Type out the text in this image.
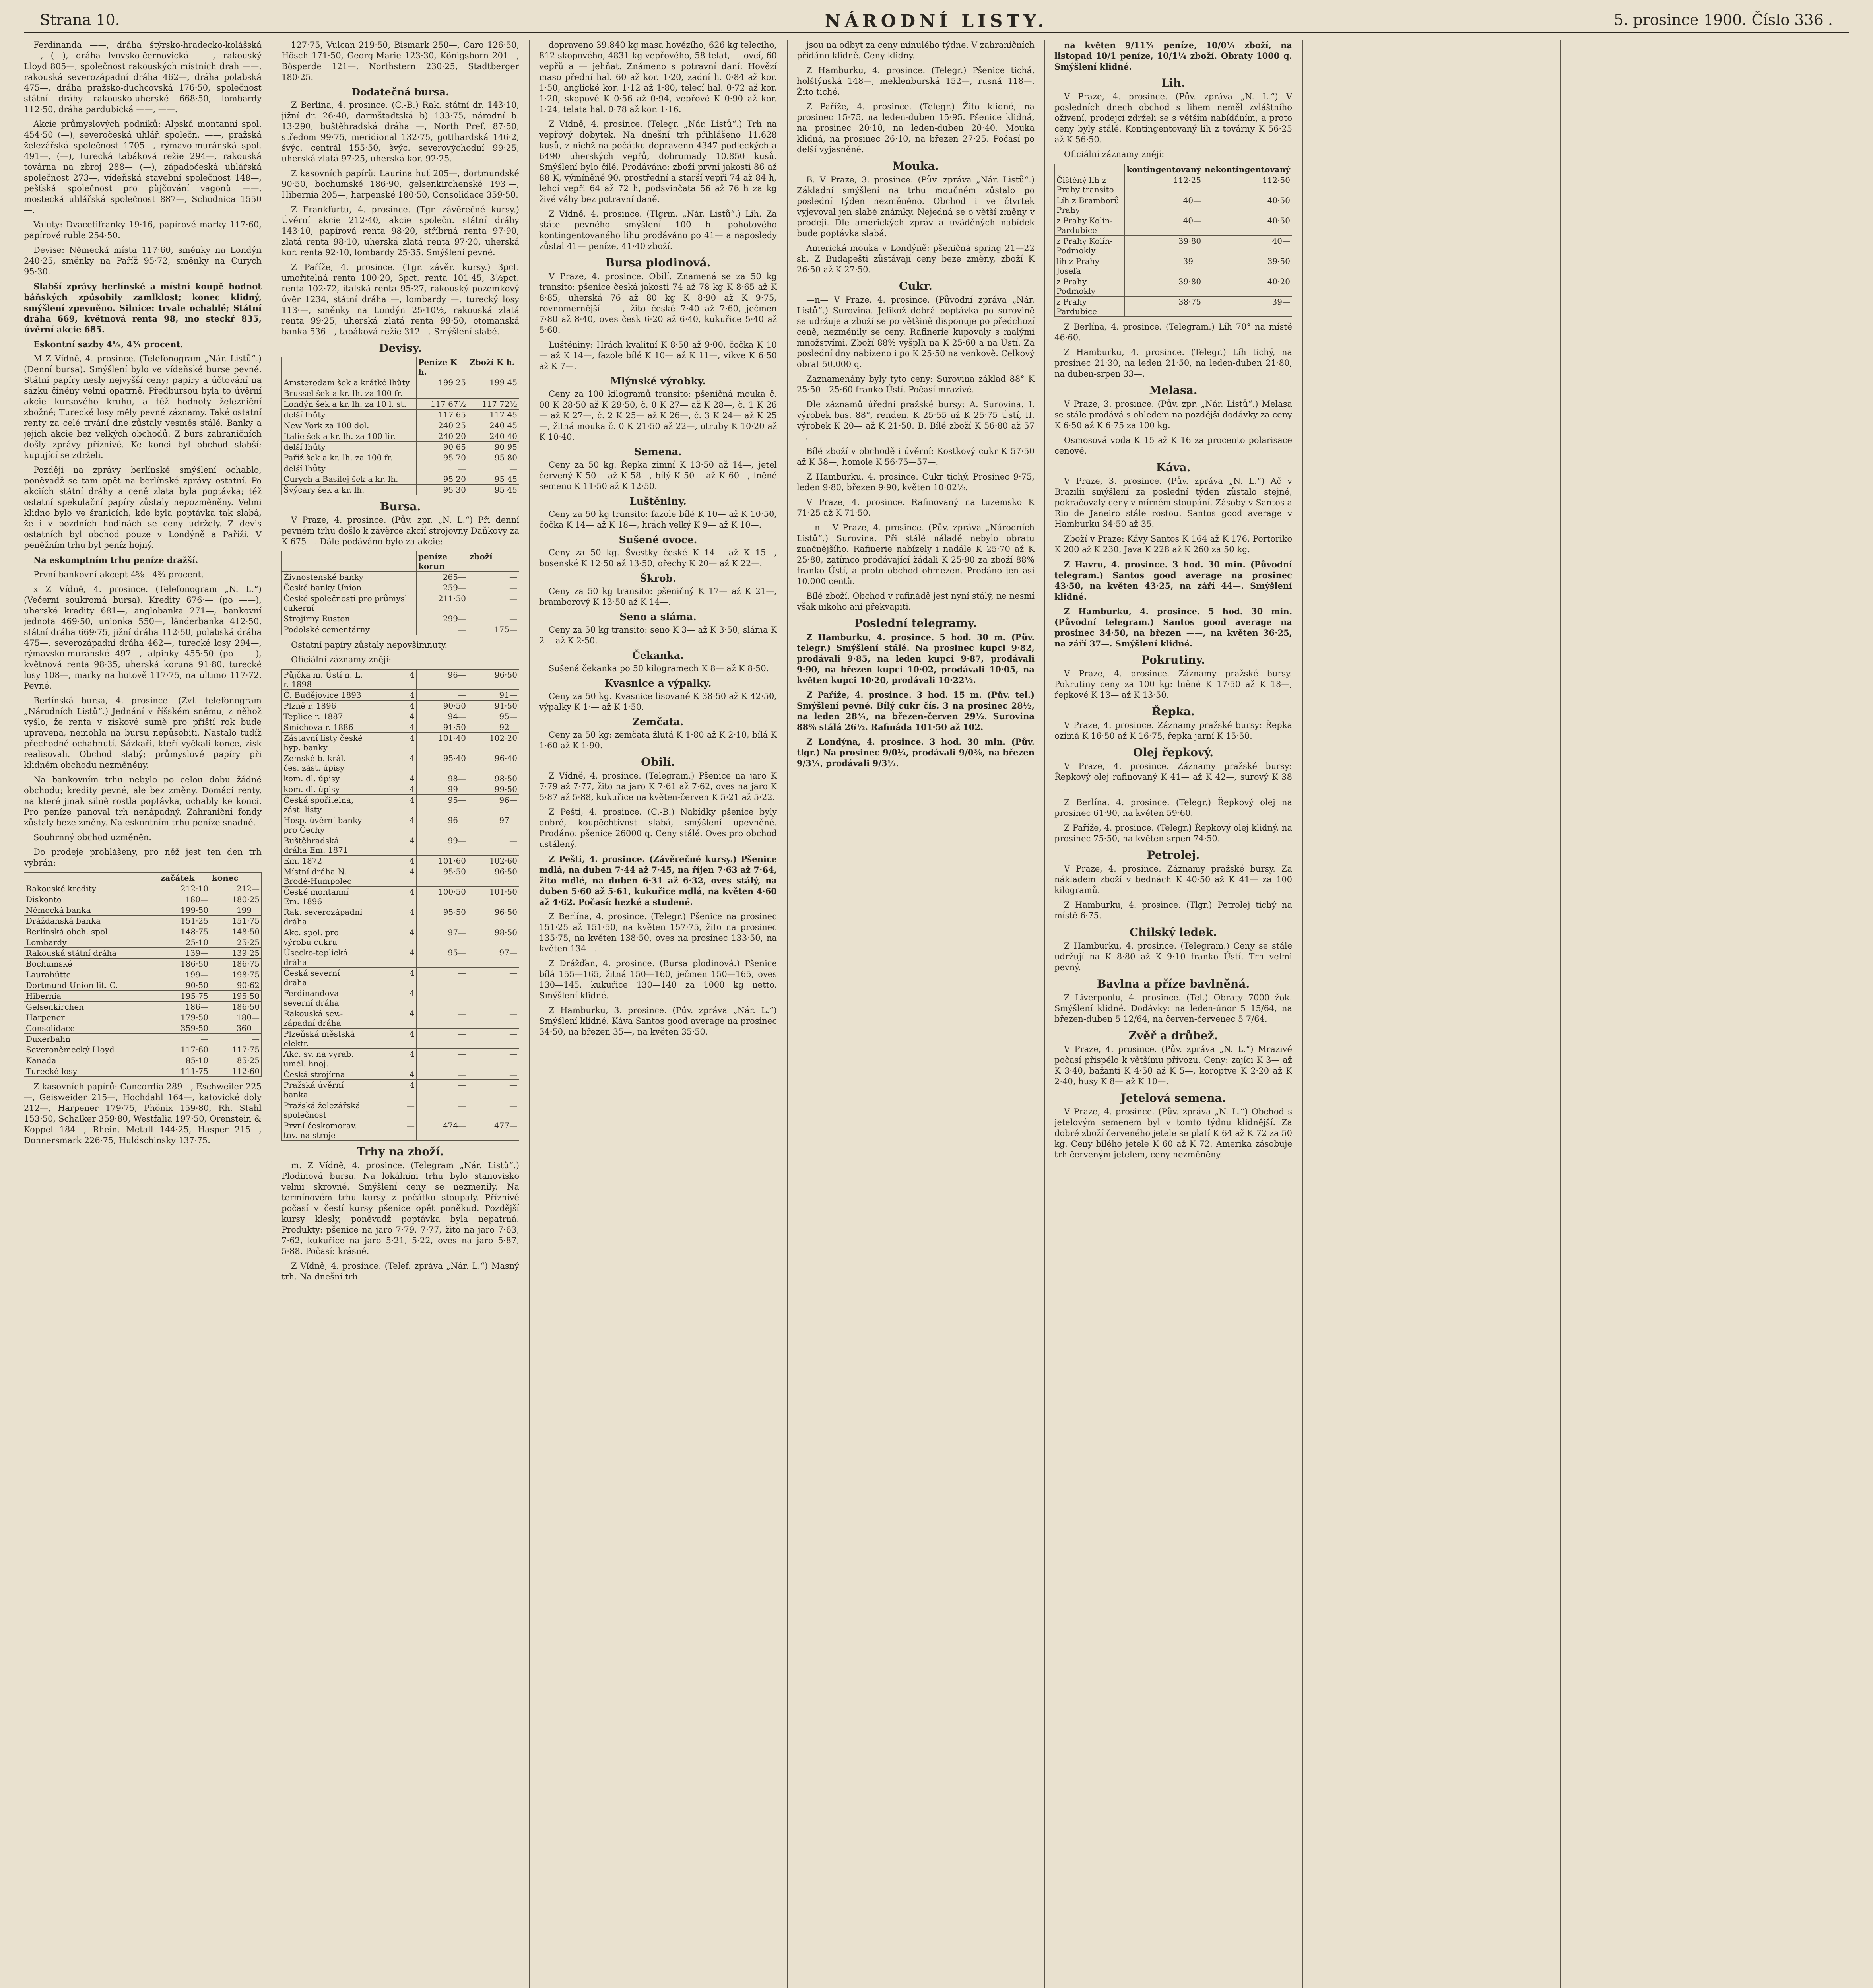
Strana 10.	NÁRODNÍ LISTY.	5. prosince 1900. Číslo 336 .

Ferdinanda ——, dráha štýrsko-hradecko-kolášská ——, (—), dráha lvovsko-černovická ——, rakouský Lloyd 805—, společnost rakouských místních drah ——, rakouská severozápadní dráha 462—, dráha polabská 475—, dráha pražsko-duchcovská 176·50, společnost státní dráhy rakousko-uherské 668·50, lombardy 112·50, dráha pardubická ——, ——.

Akcie průmyslových podniků: Alpská montanní spol. 454·50 (—), severočeská uhlář. společn. ——, pražská železářská společnost 1705—, rýmavo-muránská spol. 491—, (—), turecká tabáková režie 294—, rakouská továrna na zbroj 288— (—), západočeská uhlářská společnost 273—, vídeňská stavební společnost 148—, pešťská společnost pro půjčování vagonů ——, mostecká uhlářská společnost 887—, Schodnica 1550—.

Valuty: Dvacetifranky 19·16, papírové marky 117·60, papírové ruble 254·50.

Devise: Německá místa 117·60, směnky na Londýn 240·25, směnky na Paříž 95·72, směnky na Curych 95·30.

Slabší zprávy berlínské a místní koupě hodnot báňských způsobily zamlklost; konec klidný, smýšlení zpevněno. Silnice: trvale ochablé; Státní dráha 669, květnová renta 98, mo steckŕ 835, úvěrní akcie 685.

Eskontní sazby 4⅛, 4¾ procent.

M Z Vídně, 4. prosince. (Telefonogram „Nár. Listů“.) (Denní bursa). Smýšlení bylo ve vídeňské burse pevné. Státní papíry nesly nejvyšší ceny; papíry a účtování na sázku činěny velmi opatrně. Předbursou byla to úvěrní akcie kursového kruhu, a též hodnoty železniční zbožné; Turecké losy měly pevné záznamy. Také ostatní renty za celé trvání dne zůstaly vesměs stálé. Banky a jejich akcie bez velkých obchodů. Z burs zahraničních došly zprávy příznivé. Ke konci byl obchod slabší; kupující se zdrželi.

Později na zprávy berlínské smýšlení ochablo, poněvadž se tam opět na berlínské zprávy ostatní. Po akciích státní dráhy a ceně zlata byla poptávka; též ostatní spekulační papíry zůstaly nepozměněny. Velmi klidno bylo ve šranicích, kde byla poptávka tak slabá, že i v pozdních hodinách se ceny udržely. Z devis ostatních byl obchod pouze v Londýně a Paříži. V peněžním trhu byl peníz hojný.

Na eskomptním trhu peníze dražší.

První bankovní akcept 4⅝—4¾ procent.

x Z Vídně, 4. prosince. (Telefonogram „N. L.“) (Večerní soukromá bursa). Kredity 676·— (po ——), uherské kredity 681—, anglobanka 271—, bankovní jednota 469·50, unionka 550—, länderbanka 412·50, státní dráha 669·75, jižní dráha 112·50, polabská dráha 475—, severozápadní dráha 462—, turecké losy 294—, rýmavsko-muránské 497—, alpinky 455·50 (po ——), květnová renta 98·35, uherská koruna 91·80, turecké losy 108—, marky na hotově 117·75, na ultimo 117·72. Pevné.

Berlínská bursa, 4. prosince. (Zvl. telefonogram „Národních Listů“.) Jednání v říšském sněmu, z něhož vyšlo, že renta v ziskové sumě pro příští rok bude upravena, nemohla na bursu nepůsobiti. Nastalo tudíž přechodné ochabnutí. Sázkaři, kteří vyčkali konce, zisk realisovali. Obchod slabý; průmyslové papíry při klidném obchodu nezměněny.

Na bankovním trhu nebylo po celou dobu žádné obchodu; kredity pevné, ale bez změny. Domácí renty, na které jinak silně rostla poptávka, ochably ke konci. Pro peníze panoval trh nenápadný. Zahraniční fondy zůstaly beze změny. Na eskontním trhu peníze snadné.

Souhrnný obchod uzměněn.

Do prodeje prohlášeny, pro něž jest ten den trh vybrán:

	začátek	konec
Rakouské kredity	212·10	212—
Diskonto	180—	180·25
Německá banka	199·50	199—
Drážďanská banka	151·25	151·75
Berlínská obch. spol.	148·75	148·50
Lombardy	25·10	25·25
Rakouská státní dráha	139—	139·25
Bochumské	186·50	186·75
Laurahütte	199—	198·75
Dortmund Union lit. C.	90·50	90·62
Hibernia	195·75	195·50
Gelsenkirchen	186—	186·50
Harpener	179·50	180—
Consolidace	359·50	360—
Duxerbahn	—	—
Severoněmecký Lloyd	117·60	117·75
Kanada	85·10	85·25
Turecké losy	111·75	112·60

Z kasovních papírů: Concordia 289—, Eschweiler 225—, Geisweider 215—, Hochdahl 164—, katovické doly 212—, Harpener 179·75, Phönix 159·80, Rh. Stahl 153·50, Schalker 359·80, Westfalia 197·50, Orenstein & Koppel 184—, Rhein. Metall 144·25, Hasper 215—, Donnersmark 226·75, Huldschinsky 137·75.

127·75, Vulcan 219·50, Bismark 250—, Caro 126·50, Hösch 171·50, Georg-Marie 123·30, Königsborn 201—, Bösperde 121—, Northstern 230·25, Stadtberger 180·25.

Dodatečná bursa.

Z Berlína, 4. prosince. (C.-B.) Rak. státní dr. 143·10, jižní dr. 26·40, darmštadtská b) 133·75, národní b. 13·290, buštěhradská dráha —, North Pref. 87·50, středom 99·75, meridional 132·75, gotthardská 146·2, švýc. centrál 155·50, švýc. severovýchodní 99·25, uherská zlatá 97·25, uherská kor. 92·25.

Z kasovních papírů: Laurina huť 205—, dortmundské 90·50, bochumské 186·90, gelsenkirchenské 193·—, Hibernia 205—, harpenské 180·50, Consolidace 359·50.

Z Frankfurtu, 4. prosince. (Tgr. závěrečné kursy.) Úvěrní akcie 212·40, akcie společn. státní dráhy 143·10, papírová renta 98·20, stříbrná renta 97·90, zlatá renta 98·10, uherská zlatá renta 97·20, uherská kor. renta 92·10, lombardy 25·35. Smýšlení pevné.

Z Paříže, 4. prosince. (Tgr. závěr. kursy.) 3pct. umořitelná renta 100·20, 3pct. renta 101·45, 3½pct. renta 102·72, italská renta 95·27, rakouský pozemkový úvěr 1234, státní dráha —, lombardy —, turecký losy 113·—, směnky na Londýn 25·10½, rakouská zlatá renta 99·25, uherská zlatá renta 99·50, otomanská banka 536—, tabáková režie 312—. Smýšlení slabé.

Devisy.
	Peníze K h.	Zboží K h.
Amsterodam šek a krátké lhůty	199 25	199 45
Brussel šek a kr. lh. za 100 fr.	—	—
Londýn šek a kr. lh. za 10 l. st.	117 67½	117 72½
delší lhůty	117 65	117 45
New York za 100 dol.	240 25	240 45
Italie šek a kr. lh. za 100 lir.	240 20	240 40
delší lhůty	90 65	90 95
Paříž šek a kr. lh. za 100 fr.	95 70	95 80
delší lhůty	—	—
Curych a Basilej šek a kr. lh.	95 20	95 45
Švýcary šek a kr. lh.	95 30	95 45
Bursa.

V Praze, 4. prosince. (Pův. zpr. „N. L.“) Při denní pevném trhu došlo k závěrce akcií strojovny Daňkovy za K 675—. Dále podáváno bylo za akcie:

	peníze korun	zboží
Živnostenské banky	265—	—
České banky Union	259—	—
České společnosti pro průmysl cukerní	211·50	—
Strojírny Ruston	299—	—
Podolské cementárny	—	175—

Ostatní papíry zůstaly nepovšimnuty.

Oficiální záznamy znějí:

Půjčka m. Ústí n. L. r. 1898	4	96—	96·50
Č. Budějovice 1893	4	—	91—
Plzně r. 1896	4	90·50	91·50
Teplice r. 1887	4	94—	95—
Smíchova r. 1886	4	91·50	92—
Zástavní listy české hyp. banky	4	101·40	102·20
Zemské b. král. čes. zást. úpisy	4	95·40	96·40
kom. dl. úpisy	4	98—	98·50
kom. dl. úpisy	4	99—	99·50
Česká spořitelna, zást. listy	4	95—	96—
Hosp. úvěrní banky pro Čechy	4	96—	97—
Buštěhradská dráha Em. 1871	4	99—	—
Em. 1872	4	101·60	102·60
Místní dráha N. Brodě-Humpolec	4	95·50	96·50
České montanní Em. 1896	4	100·50	101·50
Rak. severozápadní dráha	4	95·50	96·50
Akc. spol. pro výrobu cukru	4	97—	98·50
Úsecko-teplická dráha	4	95—	97—
Česká severní dráha	4	—	—
Ferdinandova severní dráha	4	—	—
Rakouská sev.-západní dráha	4	—	—
Plzeňská městská elektr.	4	—	—
Akc. sv. na vyrab. umél. hnoj.	4	—	—
Česká strojírna	4	—	—
Pražská úvěrní banka	4	—	—
Pražská železářská společnost	—	—	—
První českomorav. tov. na stroje	—	474—	477—
Trhy na zboží.

m. Z Vídně, 4. prosince. (Telegram „Nár. Listů“.) Plodinová bursa. Na lokálním trhu bylo stanovisko velmi skrovné. Smýšlení ceny se nezmenily. Na termínovém trhu kursy z počátku stoupaly. Příznivé počasí v čestí kursy pšenice opět poněkud. Pozdější kursy klesly, poněvadž poptávka byla nepatrná. Produkty: pšenice na jaro 7·79, 7·77, žito na jaro 7·63, 7·62, kukuřice na jaro 5·21, 5·22, oves na jaro 5·87, 5·88. Počasí: krásné.

Z Vídně, 4. prosince. (Telef. zpráva „Nár. L.“) Masný trh. Na dnešní trh

dopraveno 39.840 kg masa hovězího, 626 kg telecího, 812 skopového, 4831 kg vepřového, 58 telat, — ovcí, 60 vepřů a — jehňat. Známeno s potravní daní: Hovězí maso přední hal. 60 až kor. 1·20, zadní h. 0·84 až kor. 1·50, anglické kor. 1·12 až 1·80, telecí hal. 0·72 až kor. 1·20, skopové K 0·56 až 0·94, vepřové K 0·90 až kor. 1·24, telata hal. 0·78 až kor. 1·16.

Z Vídně, 4. prosince. (Telegr. „Nár. Listů“.) Trh na vepřový dobytek. Na dnešní trh přihlášeno 11,628 kusů, z nichž na počátku dopraveno 4347 podleckých a 6490 uherských vepřů, dohromady 10.850 kusů. Smýšlení bylo čilé. Prodáváno: zboží první jakosti 86 až 88 K, výmíněné 90, prostřední a starší vepři 74 až 84 h, lehcí vepři 64 až 72 h, podsvinčata 56 až 76 h za kg živé váhy bez potravní daně.

Z Vídně, 4. prosince. (Tlgrm. „Nár. Listů“.) Lih. Za státe pevného smýšlení 100 h. pohotového kontingentovaného lihu prodáváno po 41— a naposledy zůstal 41— peníze, 41·40 zboží.

Bursa plodinová.

V Praze, 4. prosince. Obilí. Znamená se za 50 kg transito: pšenice česká jakosti 74 až 78 kg K 8·65 až K 8·85, uherská 76 až 80 kg K 8·90 až K 9·75, rovnomernější ——, žito české 7·40 až 7·60, ječmen 7·80 až 8·40, oves česk 6·20 až 6·40, kukuřice 5·40 až 5·60.

Luštěniny: Hrách kvalitní K 8·50 až 9·00, čočka K 10— až K 14—, fazole bílé K 10— až K 11—, vikve K 6·50 až K 7—.

Mlýnské výrobky.

Ceny za 100 kilogramů transito: pšeničná mouka č. 00 K 28·50 až K 29·50, č. 0 K 27— až K 28—, č. 1 K 26— až K 27—, č. 2 K 25— až K 26—, č. 3 K 24— až K 25—, žitná mouka č. 0 K 21·50 až 22—, otruby K 10·20 až K 10·40.

Semena.

Ceny za 50 kg. Řepka zimní K 13·50 až 14—, jetel červený K 50— až K 58—, bílý K 50— až K 60—, lněné semeno K 11·50 až K 12·50.

Luštěniny.

Ceny za 50 kg transito: fazole bílé K 10— až K 10·50, čočka K 14— až K 18—, hrách velký K 9— až K 10—.

Sušené ovoce.

Ceny za 50 kg. Švestky české K 14— až K 15—, bosenské K 12·50 až 13·50, ořechy K 20— až K 22—.

Škrob.

Ceny za 50 kg transito: pšeničný K 17— až K 21—, bramborový K 13·50 až K 14—.

Seno a sláma.

Ceny za 50 kg transito: seno K 3— až K 3·50, sláma K 2— až K 2·50.

Čekanka.

Sušená čekanka po 50 kilogramech K 8— až K 8·50.

Kvasnice a výpalky.

Ceny za 50 kg. Kvasnice lisované K 38·50 až K 42·50, výpalky K 1·— až K 1·50.

Zemčata.

Ceny za 50 kg: zemčata žlutá K 1·80 až K 2·10, bílá K 1·60 až K 1·90.

Obilí.

Z Vídně, 4. prosince. (Telegram.) Pšenice na jaro K 7·79 až 7·77, žito na jaro K 7·61 až 7·62, oves na jaro K 5·87 až 5·88, kukuřice na květen-červen K 5·21 až 5·22.

Z Pešti, 4. prosince. (C.-B.) Nabídky pšenice byly dobré, koupěchtivost slabá, smýšlení upevněné. Prodáno: pšenice 26000 q. Ceny stálé. Oves pro obchod ustálený.

Z Pešti, 4. prosince. (Závěrečné kursy.) Pšenice mdlá, na duben 7·44 až 7·45, na říjen 7·63 až 7·64, žito mdlé, na duben 6·31 až 6·32, oves stálý, na duben 5·60 až 5·61, kukuřice mdlá, na květen 4·60 až 4·62. Počasí: hezké a studené.

Z Berlína, 4. prosince. (Telegr.) Pšenice na prosinec 151·25 až 151·50, na květen 157·75, žito na prosinec 135·75, na květen 138·50, oves na prosinec 133·50, na květen 134—.

Z Drážďan, 4. prosince. (Bursa plodinová.) Pšenice bílá 155—165, žitná 150—160, ječmen 150—165, oves 130—145, kukuřice 130—140 za 1000 kg netto. Smýšlení klidné.

Z Hamburku, 3. prosince. (Pův. zpráva „Nár. L.“) Smýšlení klidné. Káva Santos good average na prosinec 34·50, na březen 35—, na květen 35·50.

jsou na odbyt za ceny minulého týdne. V zahraničních přidáno klidně. Ceny klidny.

Z Hamburku, 4. prosince. (Telegr.) Pšenice tichá, holštýnská 148—, meklenburská 152—, rusná 118—. Žito tiché.

Z Paříže, 4. prosince. (Telegr.) Žito klidné, na prosinec 15·75, na leden-duben 15·95. Pšenice klidná, na prosinec 20·10, na leden-duben 20·40. Mouka klidná, na prosinec 26·10, na březen 27·25. Počasí po delší vyjasněné.

Mouka.

B. V Praze, 3. prosince. (Pův. zpráva „Nár. Listů“.) Základní smýšlení na trhu moučném zůstalo po poslední týden nezměněno. Obchod i ve čtvrtek vyjevoval jen slabé známky. Nejedná se o větší změny v prodeji. Dle amerických zpráv a uváděných nabídek bude poptávka slabá.

Americká mouka v Londýně: pšeničná spring 21—22 sh. Z Budapešti zůstávají ceny beze změny, zboží K 26·50 až K 27·50.

Cukr.

—n— V Praze, 4. prosince. (Původní zpráva „Nár. Listů“.) Surovina. Jelikož dobrá poptávka po surovině se udržuje a zboží se po většině disponuje po předchozí ceně, nezměnily se ceny. Rafinerie kupovaly s malými množstvími. Zboží 88% vyšplh na K 25·60 a na Ústí. Za poslední dny nabízeno i po K 25·50 na venkově. Celkový obrat 50.000 q.

Zaznamenány byly tyto ceny: Surovina základ 88° K 25·50—25·60 franko Ústí. Počasí mrazivé.

Dle záznamů úřední pražské bursy: A. Surovina. I. výrobek bas. 88°, renden. K 25·55 až K 25·75 Ústí, II. výrobek K 20— až K 21·50. B. Bílé zboží K 56·80 až 57—.

Bílé zboží v obchodě i úvěrní: Kostkový cukr K 57·50 až K 58—, homole K 56·75—57—.

Z Hamburku, 4. prosince. Cukr tichý. Prosinec 9·75, leden 9·80, březen 9·90, květen 10·02½.

V Praze, 4. prosince. Rafinovaný na tuzemsko K 71·25 až K 71·50.

—n— V Praze, 4. prosince. (Pův. zpráva „Národních Listů“.) Surovina. Při stálé náladě nebylo obratu značnějšího. Rafinerie nabízely i nadále K 25·70 až K 25·80, zatímco prodávající žádali K 25·90 za zboží 88% franko Ústí, a proto obchod obmezen. Prodáno jen asi 10.000 centů.

Bílé zboží. Obchod v rafinádě jest nyní stálý, ne nesmí však nikoho ani překvapiti.

Poslední telegramy.

Z Hamburku, 4. prosince. 5 hod. 30 m. (Pův. telegr.) Smýšlení stálé. Na prosinec kupci 9·82, prodávali 9·85, na leden kupci 9·87, prodávali 9·90, na březen kupci 10·02, prodávali 10·05, na květen kupci 10·20, prodávali 10·22½.

Z Paříže, 4. prosince. 3 hod. 15 m. (Pův. tel.) Smýšlení pevné. Bílý cukr čís. 3 na prosinec 28½, na leden 28¾, na březen-červen 29½. Surovina 88% stálá 26½. Rafináda 101·50 až 102.

Z Londýna, 4. prosince. 3 hod. 30 min. (Pův. tlgr.) Na prosinec 9/0¼, prodávali 9/0⅜, na březen 9/3¼, prodávali 9/3½.

na květen 9/11¾ peníze, 10/0¼ zboží, na listopad 10/1 peníze, 10/1¼ zboží. Obraty 1000 q. Smýšlení klidné.

Lih.

V Praze, 4. prosince. (Pův. zpráva „N. L.“) V posledních dnech obchod s lihem neměl zvláštního oživení, prodejci zdrželi se s větším nabídáním, a proto ceny byly stálé. Kontingentovaný lih z továrny K 56·25 až K 56·50.

Oficiální záznamy znějí:

	kontingentovaný	nekontingentovaný
Čištěný líh z Prahy transito	112·25	112·50
Líh z Bramborů Prahy	40—	40·50
z Prahy Kolín-Pardubice	40—	40·50
z Prahy Kolín-Podmokly	39·80	40—
líh z Prahy Josefa	39—	39·50
z Prahy Podmokly	39·80	40·20
z Prahy Pardubice	38·75	39—

Z Berlína, 4. prosince. (Telegram.) Líh 70° na místě 46·60.

Z Hamburku, 4. prosince. (Telegr.) Líh tichý, na prosinec 21·30, na leden 21·50, na leden-duben 21·80, na duben-srpen 33—.

Melasa.

V Praze, 3. prosince. (Pův. zpr. „Nár. Listů“.) Melasa se stále prodává s ohledem na pozdější dodávky za ceny K 6·50 až K 6·75 za 100 kg.

Osmosová voda K 15 až K 16 za procento polarisace cenové.

Káva.

V Praze, 3. prosince. (Pův. zpráva „N. L.“) Ač v Brazilii smýšlení za poslední týden zůstalo stejné, pokračovaly ceny v mírném stoupání. Zásoby v Santos a Rio de Janeiro stále rostou. Santos good average v Hamburku 34·50 až 35.

Zboží v Praze: Kávy Santos K 164 až K 176, Portoriko K 200 až K 230, Java K 228 až K 260 za 50 kg.

Z Havru, 4. prosince. 3 hod. 30 min. (Původní telegram.) Santos good average na prosinec 43·50, na květen 43·25, na září 44—. Smýšlení klidné.

Z Hamburku, 4. prosince. 5 hod. 30 min. (Původní telegram.) Santos good average na prosinec 34·50, na březen ——, na květen 36·25, na září 37—. Smýšlení klidné.

Pokrutiny.

V Praze, 4. prosince. Záznamy pražské bursy. Pokrutiny ceny za 100 kg: lněné K 17·50 až K 18—, řepkové K 13— až K 13·50.

Řepka.

V Praze, 4. prosince. Záznamy pražské bursy: Řepka ozimá K 16·50 až K 16·75, řepka jarní K 15·50.

Olej řepkový.

V Praze, 4. prosince. Záznamy pražské bursy: Řepkový olej rafinovaný K 41— až K 42—, surový K 38—.

Z Berlína, 4. prosince. (Telegr.) Řepkový olej na prosinec 61·90, na květen 59·60.

Z Paříže, 4. prosince. (Telegr.) Řepkový olej klidný, na prosinec 75·50, na květen-srpen 74·50.

Petrolej.

V Praze, 4. prosince. Záznamy pražské bursy. Za nákladem zboží v bednách K 40·50 až K 41— za 100 kilogramů.

Z Hamburku, 4. prosince. (Tlgr.) Petrolej tichý na místě 6·75.

Chilský ledek.

Z Hamburku, 4. prosince. (Telegram.) Ceny se stále udržují na K 8·80 až K 9·10 franko Ústí. Trh velmi pevný.

Bavlna a příze bavlněná.

Z Liverpoolu, 4. prosince. (Tel.) Obraty 7000 žok. Smýšlení klidné. Dodávky: na leden-únor 5 15/64, na březen-duben 5 12/64, na červen-červenec 5 7/64.

Zvěř a drůbež.

V Praze, 4. prosince. (Pův. zpráva „N. L.“) Mrazivé počasí přispělo k většímu přívozu. Ceny: zajíci K 3— až K 3·40, bažanti K 4·50 až K 5—, koroptve K 2·20 až K 2·40, husy K 8— až K 10—.

Jetelová semena.

V Praze, 4. prosince. (Pův. zpráva „N. L.“) Obchod s jetelovým semenem byl v tomto týdnu klidnější. Za dobré zboží červeného jetele se platí K 64 až K 72 za 50 kg. Ceny bílého jetele K 60 až K 72. Amerika zásobuje trh červeným jetelem, ceny nezměněny.
